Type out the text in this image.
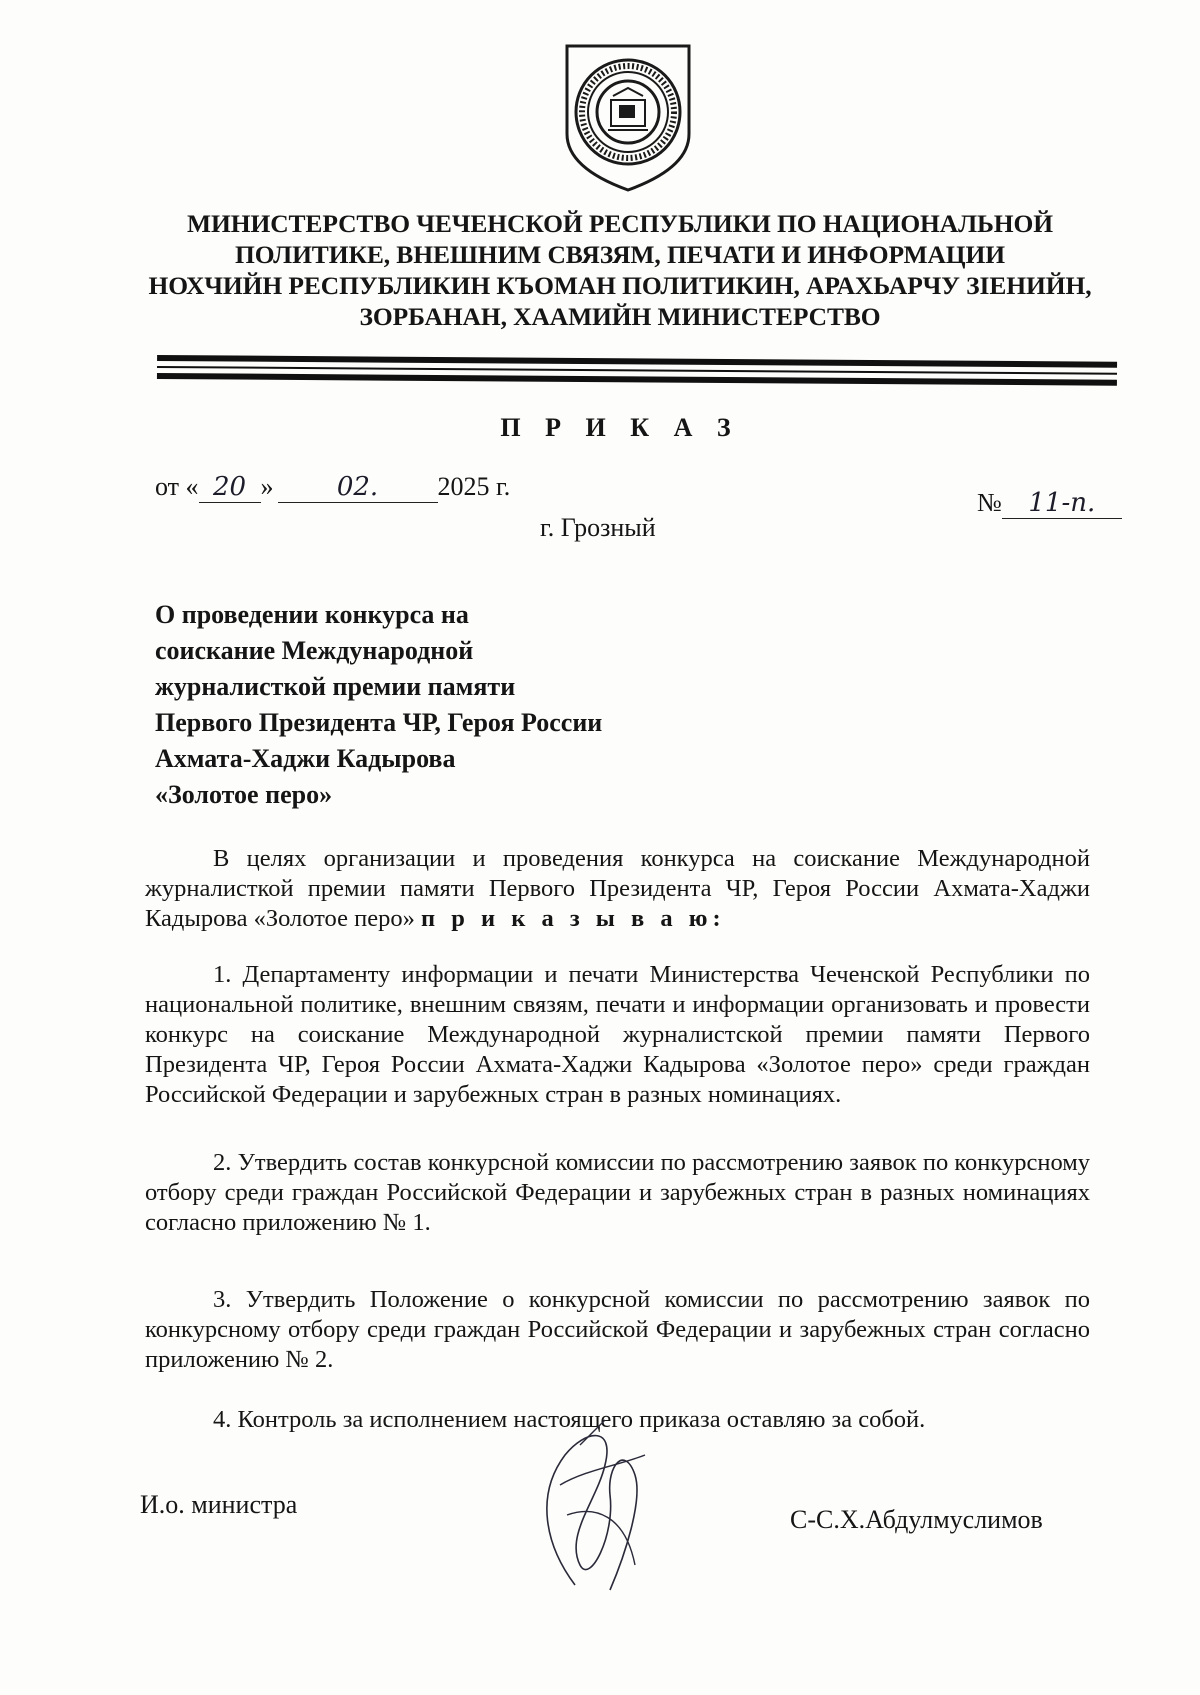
МИНИСТЕРСТВО ЧЕЧЕНСКОЙ РЕСПУБЛИКИ ПО НАЦИОНАЛЬНОЙ
ПОЛИТИКЕ, ВНЕШНИМ СВЯЗЯМ, ПЕЧАТИ И ИНФОРМАЦИИ
НОХЧИЙН РЕСПУБЛИКИН КЪОМАН ПОЛИТИКИН, АРАХЬАРЧУ ЗIЕНИЙН,
ЗОРБАНАН, ХААМИЙН МИНИСТЕРСТВО
П Р И К А З
от « 20 » 02. 2025 г.
№ 11-п.
г. Грозный
О проведении конкурса на
соискание Международной
журналисткой премии памяти
Первого Президента ЧР, Героя России
Ахмата-Хаджи Кадырова
«Золотое перо»

В целях организации и проведения конкурса на соискание Международной журналисткой премии памяти Первого Президента ЧР, Героя России Ахмата-Хаджи Кадырова «Золотое перо» п р и к а з ы в а ю:

1. Департаменту информации и печати Министерства Чеченской Республики по национальной политике, внешним связям, печати и информации организовать и провести конкурс на соискание Международной журналистской премии памяти Первого Президента ЧР, Героя России Ахмата-Хаджи Кадырова «Золотое перо» среди граждан Российской Федерации и зарубежных стран в разных номинациях.

2. Утвердить состав конкурсной комиссии по рассмотрению заявок по конкурсному отбору среди граждан Российской Федерации и зарубежных стран в разных номинациях согласно приложению № 1.

3. Утвердить Положение о конкурсной комиссии по рассмотрению заявок по конкурсному отбору среди граждан Российской Федерации и зарубежных стран согласно приложению № 2.

4. Контроль за исполнением настоящего приказа оставляю за собой.

И.о. министра
С-С.Х.Абдулмуслимов
